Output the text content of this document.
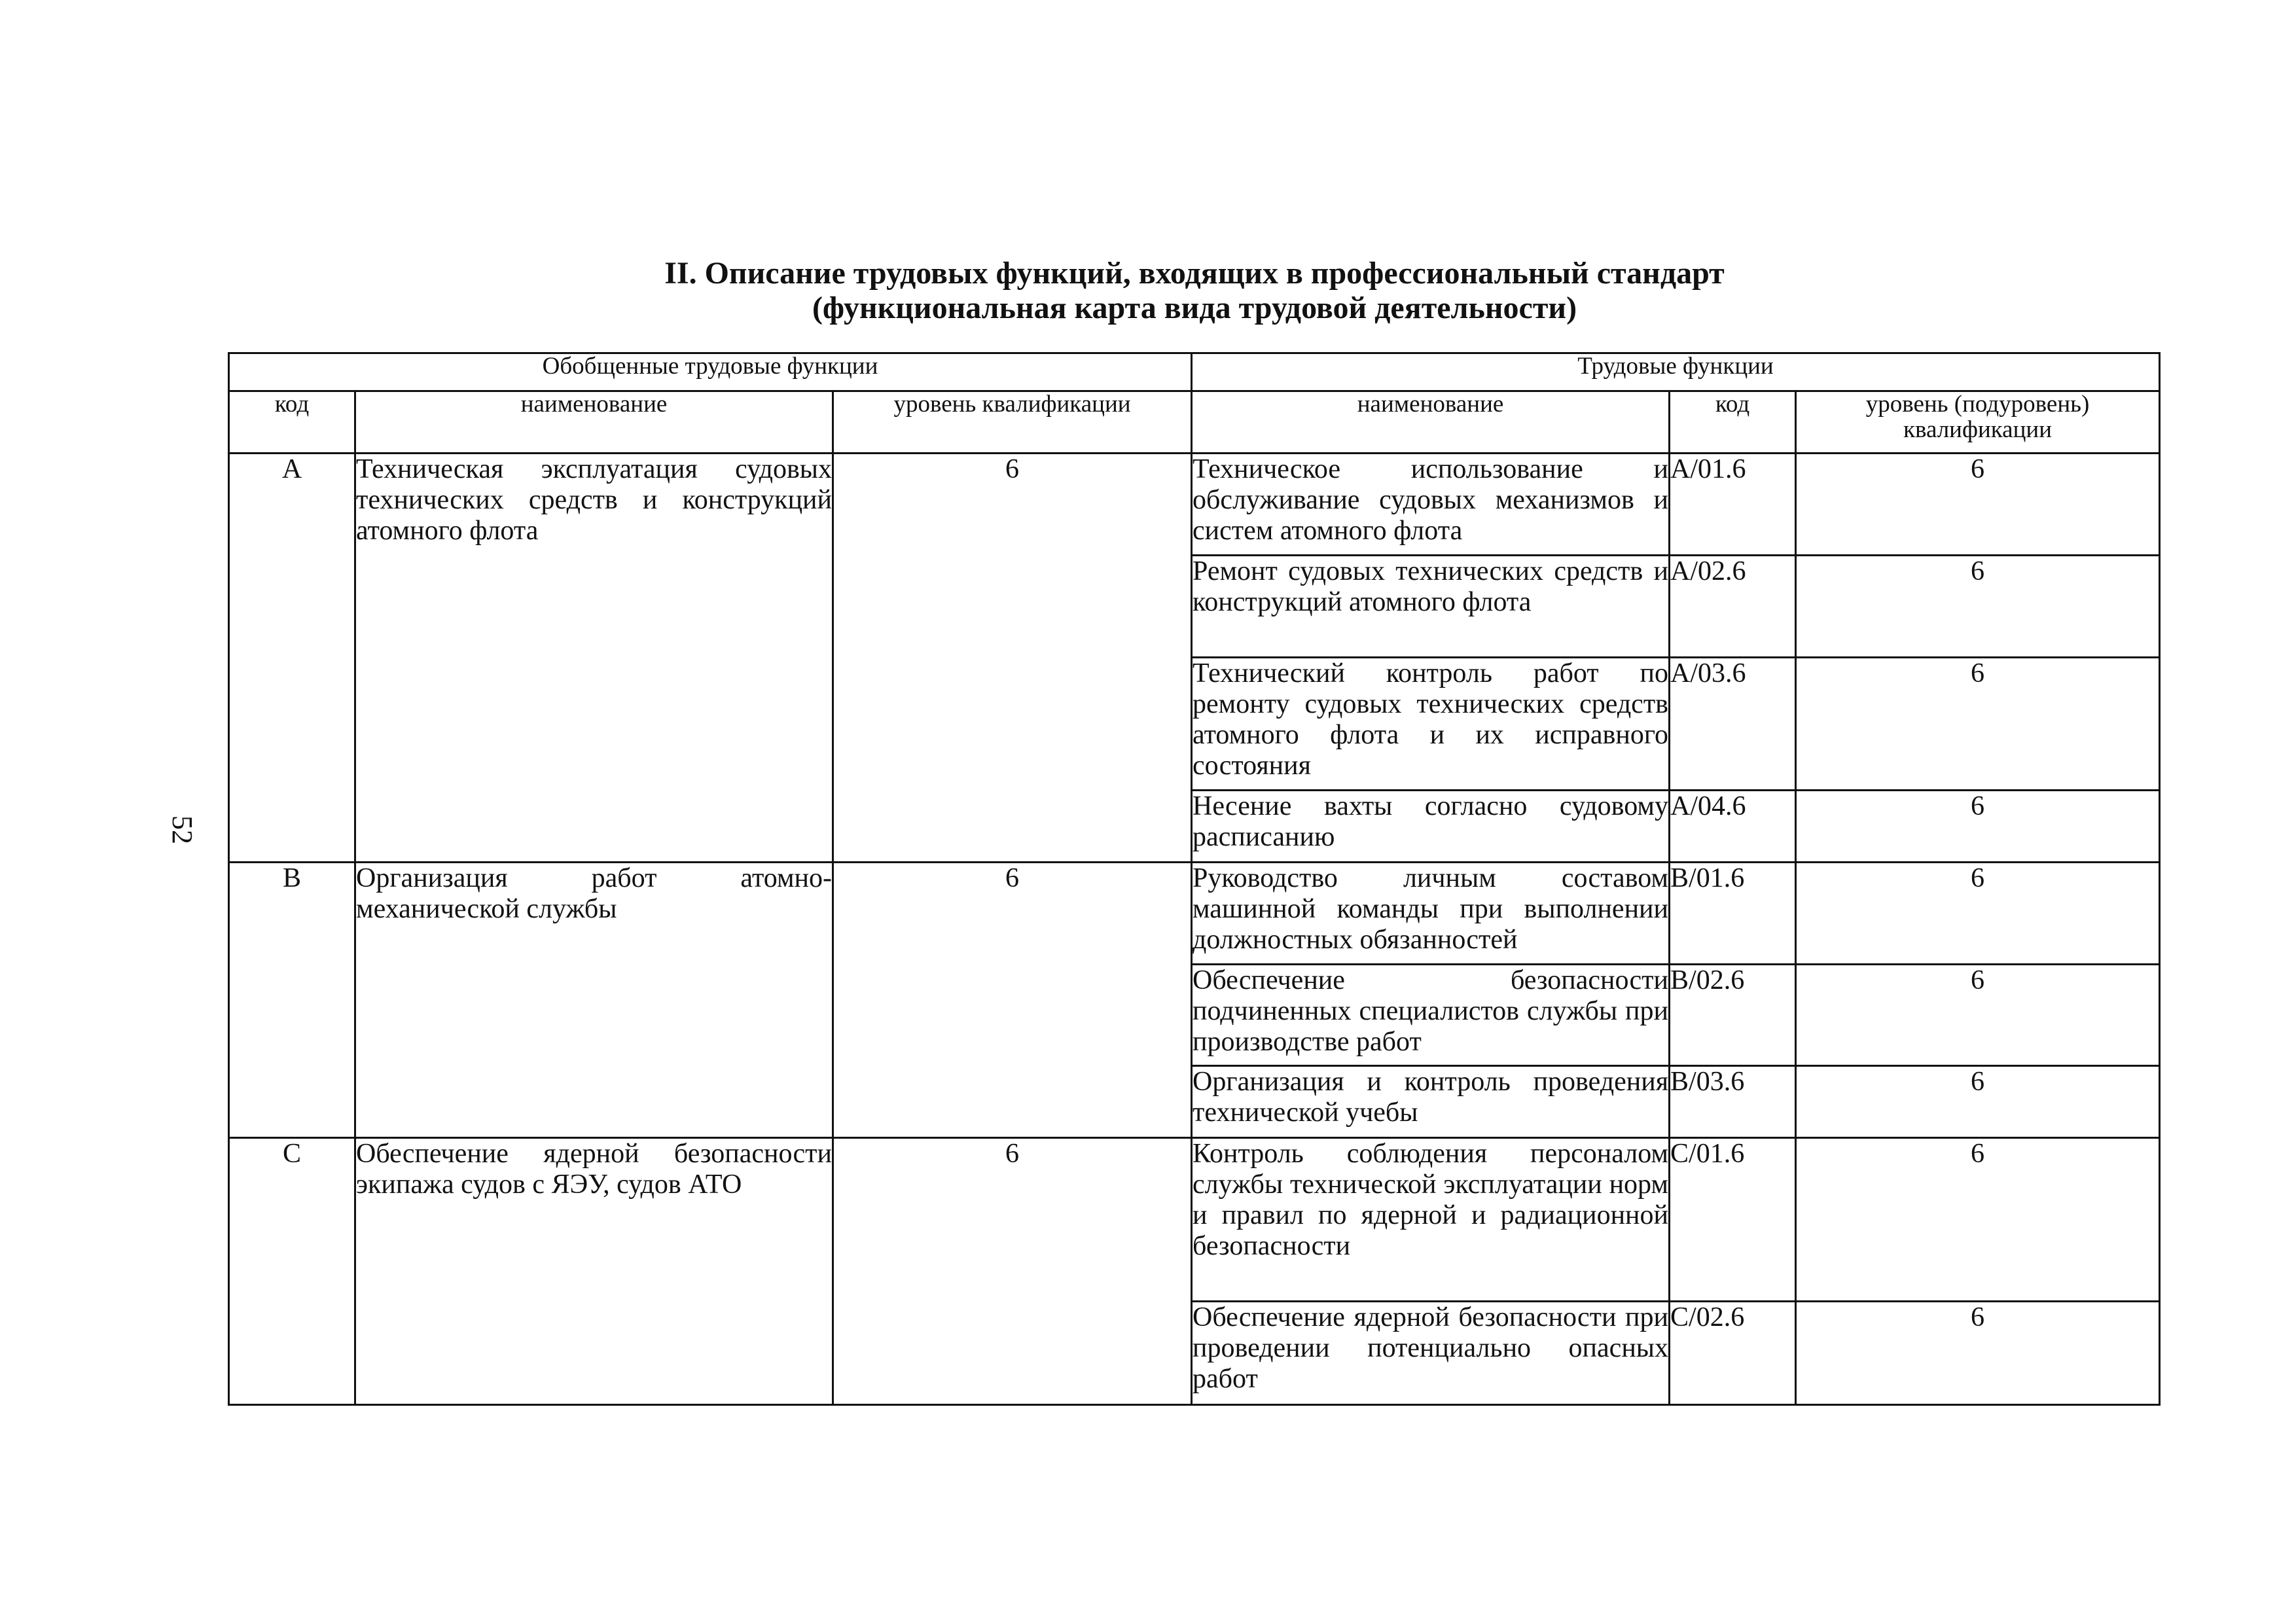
52
II. Описание трудовых функций, входящих в профессиональный стандарт
(функциональная карта вида трудовой деятельности)
Обобщенные трудовые функции			Трудовые функции		
код	наименование	уровень квалификации	наименование	код	уровень (подуровень) квалификации
A	Техническая эксплуатация судовых технических средств и конструкций атомного флота	6	Техническое использование и обслуживание судовых механизмов и систем атомного флота	A/01.6	6
			Ремонт судовых технических средств и конструкций атомного флота	A/02.6	6
			Технический контроль работ по ремонту судовых технических средств атомного флота и их исправного состояния	A/03.6	6
			Несение вахты согласно судовому расписанию	A/04.6	6
B	Организация работ атомно-механической службы	6	Руководство личным составом машинной команды при выполнении должностных обязанностей	B/01.6	6
			Обеспечение безопасности подчиненных специалистов службы при производстве работ	B/02.6	6
			Организация и контроль проведения технической учебы	B/03.6	6
C	Обеспечение ядерной безопасности экипажа судов с ЯЭУ, судов АТО	6	Контроль соблюдения персоналом службы технической эксплуатации норм и правил по ядерной и радиационной безопасности	C/01.6	6
			Обеспечение ядерной безопасности при проведении потенциально опасных работ	C/02.6	6
